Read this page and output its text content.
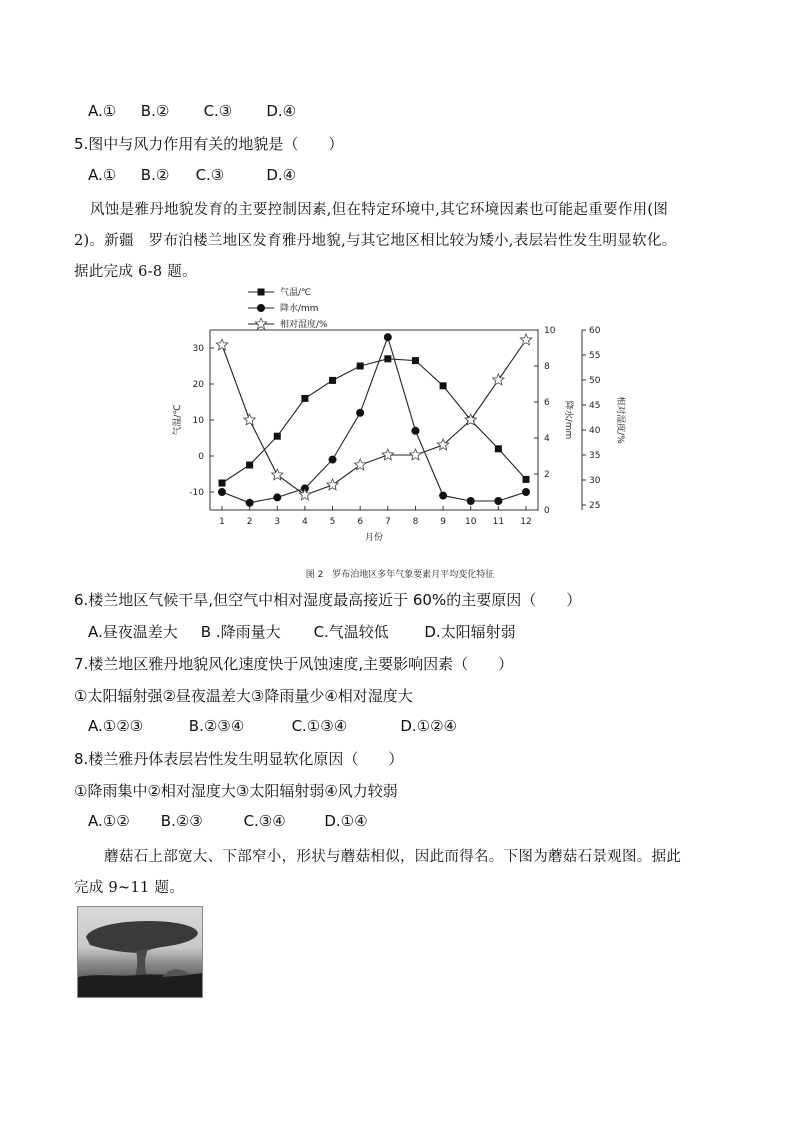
A.① B.② C.③ D.④
5.图中与风力作用有关的地貌是（　　）
A.① B.② C.③	D.④
风蚀是雅丹地貌发育的主要控制因素,但在特定环境中,其它环境因素也可能起重要作用(图
2)。新疆　罗布泊楼兰地区发育雅丹地貌,与其它地区相比较为矮小,表层岩性发生明显软化。
据此完成 6-8 题。
1 2 3 4 5 6 7 8 9 10 11 12
月份
-10
0
10
20
30
气温/℃
0
2
4
6
8
10
降水/mm
25
30
35
40
45
50
55
60
相对湿度/%
气温/℃
降水/mm
相对湿度/%
图 2　罗布泊地区多年气象要素月平均变化特征
6.楼兰地区气候干旱,但空气中相对湿度最高接近于 60%的主要原因（　　）
A.昼夜温差大 B .降雨量大 C.气温较低 D.太阳辐射弱
7.楼兰地区雅丹地貌风化速度快于风蚀速度,主要影响因素（　　）
①太阳辐射强②昼夜温差大③降雨量少④相对湿度大
A.①②③	B.②③④	C.①③④	D.①②④
8.楼兰雅丹体表层岩性发生明显软化原因（　　）
①降雨集中②相对湿度大③太阳辐射弱④风力较弱
A.①② B.②③	C.③④	D.①④
蘑菇石上部宽大、下部窄小，形状与蘑菇相似，因此而得名。下图为蘑菇石景观图。据此
完成 9~11 题。
